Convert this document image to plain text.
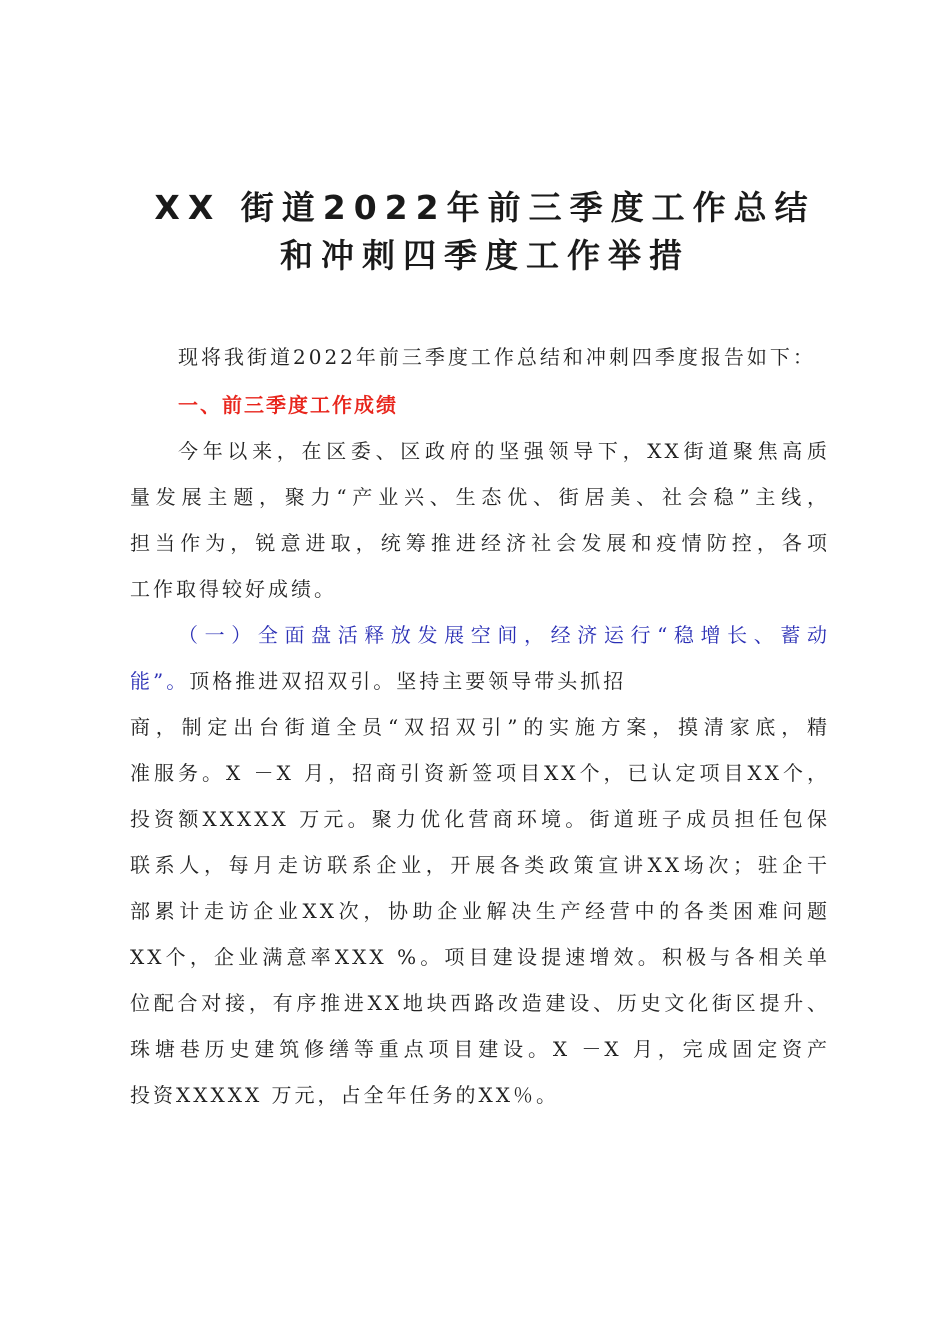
XX 街道2022年前三季度工作总结
和冲刺四季度工作举措
现将我街道2022年前三季度工作总结和冲刺四季度报告如下：
一、前三季度工作成绩
今年以来，在区委、区政府的坚强领导下，XX街道聚焦高质
量发展主题，聚力“产业兴、生态优、街居美、社会稳”主线，
担当作为，锐意进取，统筹推进经济社会发展和疫情防控，各项
工作取得较好成绩。
（一）全面盘活释放发展空间，经济运行“稳增长、蓄动
能”。顶格推进双招双引。坚持主要领导带头抓招
商，制定出台街道全员“双招双引”的实施方案，摸清家底，精
准服务。X －X 月，招商引资新签项目XX个，已认定项目XX个，
投资额XXXXX 万元。聚力优化营商环境。街道班子成员担任包保
联系人，每月走访联系企业，开展各类政策宣讲XX场次；驻企干
部累计走访企业XX次，协助企业解决生产经营中的各类困难问题
XX个，企业满意率XXX %。项目建设提速增效。积极与各相关单
位配合对接，有序推进XX地块西路改造建设、历史文化街区提升、
珠塘巷历史建筑修缮等重点项目建设。X －X 月，完成固定资产
投资XXXXX 万元，占全年任务的XX％。
